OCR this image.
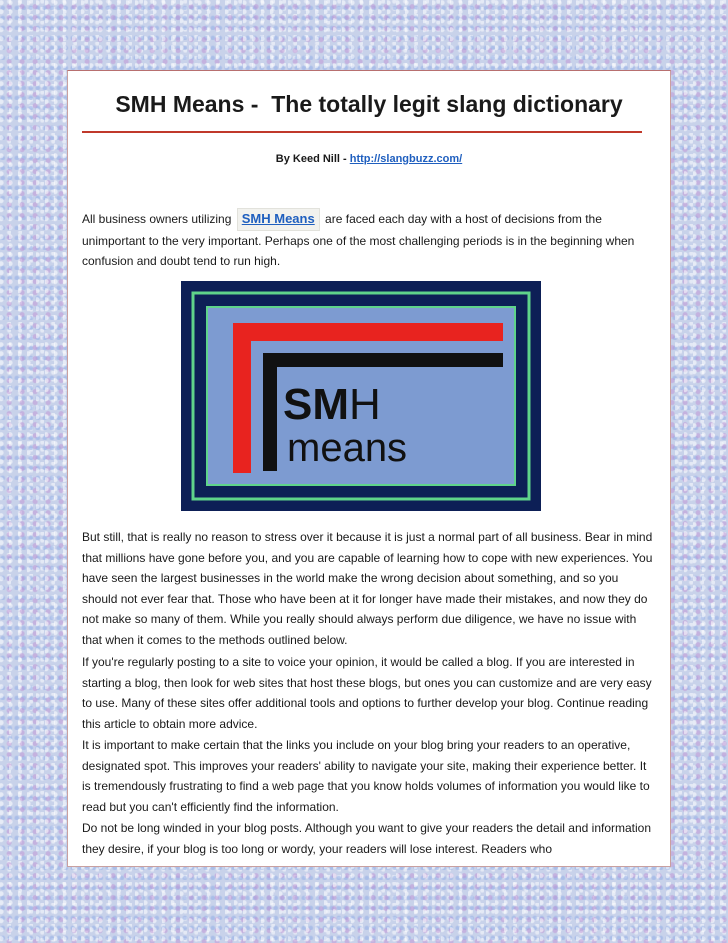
SMH Means -  The totally legit slang dictionary
By Keed Nill - http://slangbuzz.com/
All business owners utilizing SMH Means are faced each day with a host of decisions from the unimportant to the very important. Perhaps one of the most challenging periods is in the beginning when confusion and doubt tend to run high.
SMH
means
But still, that is really no reason to stress over it because it is just a normal part of all business. Bear in mind that millions have gone before you, and you are capable of learning how to cope with new experiences. You have seen the largest businesses in the world make the wrong decision about something, and so you should not ever fear that. Those who have been at it for longer have made their mistakes, and now they do not make so many of them. While you really should always perform due diligence, we have no issue with that when it comes to the methods outlined below.
If you're regularly posting to a site to voice your opinion, it would be called a blog. If you are interested in starting a blog, then look for web sites that host these blogs, but ones you can customize and are very easy to use. Many of these sites offer additional tools and options to further develop your blog. Continue reading this article to obtain more advice.
It is important to make certain that the links you include on your blog bring your readers to an operative, designated spot. This improves your readers' ability to navigate your site, making their experience better. It is tremendously frustrating to find a web page that you know holds volumes of information you would like to read but you can't efficiently find the information.
Do not be long winded in your blog posts. Although you want to give your readers the detail and information they desire, if your blog is too long or wordy, your readers will lose interest. Readers who
